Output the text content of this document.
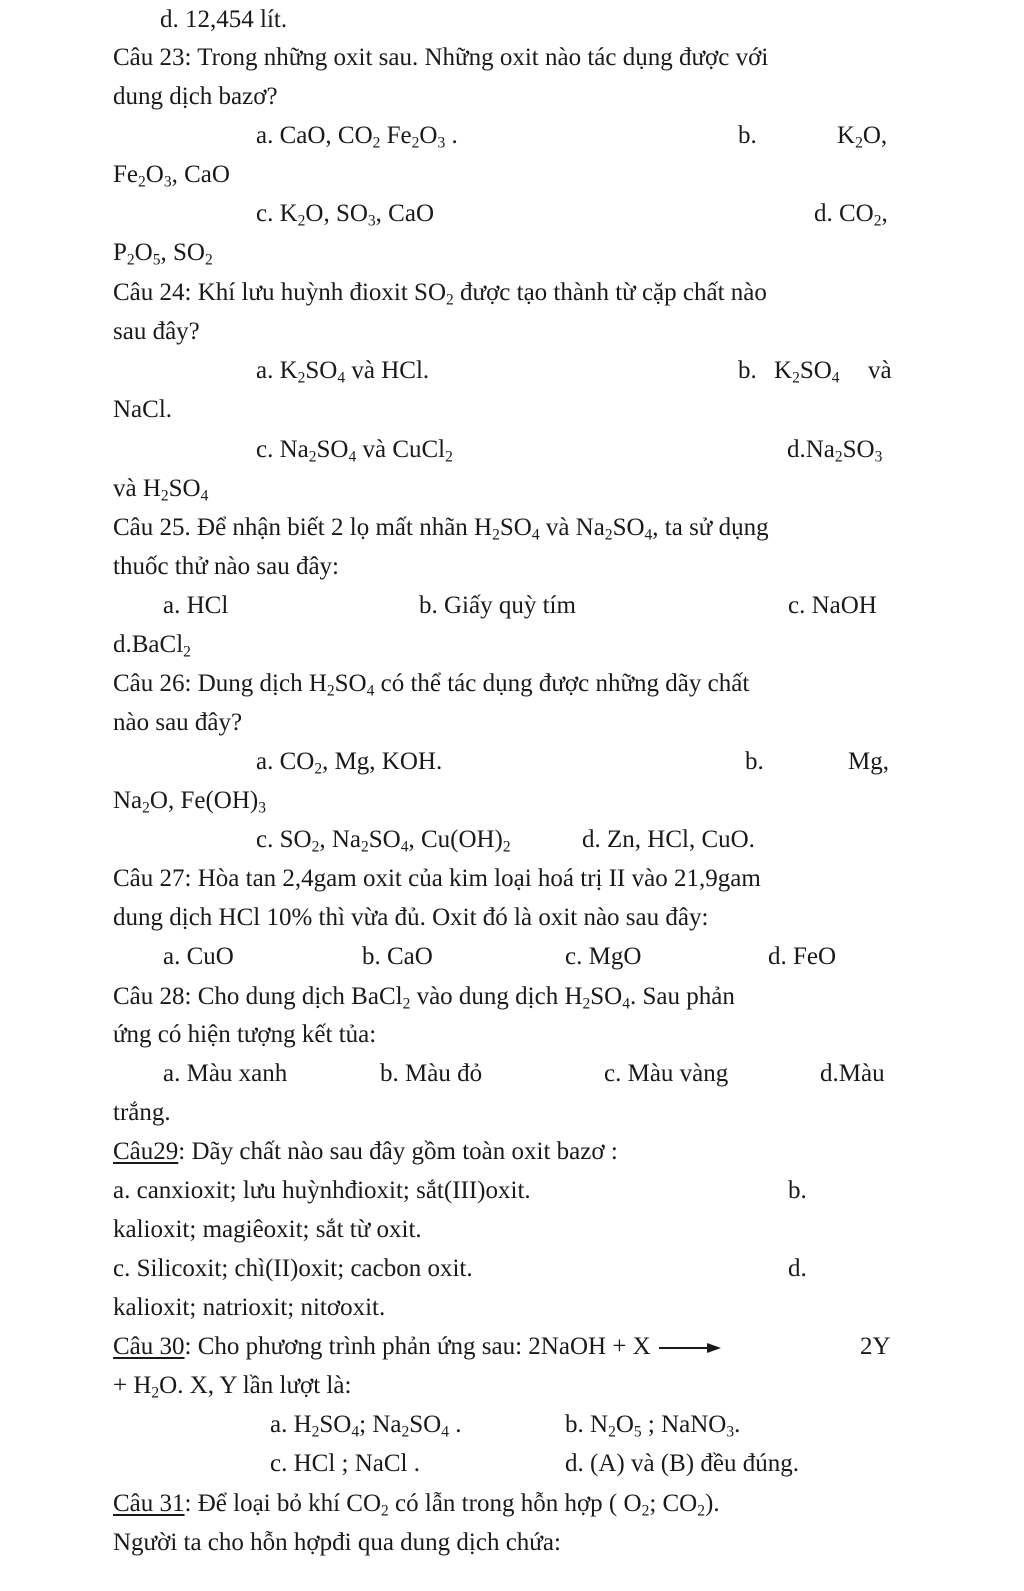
d. 12,454 lít.
Câu 23: Trong những oxit sau. Những oxit nào tác dụng được với
dung dịch bazơ?
a. CaO, $CO_2$ $Fe_2O_3$ .	b.	$K_2O$,
$Fe_2O_3$, CaO
c. $K_2O$, $SO_3$, CaO	d. $CO_2$,
$P_2O_5$, $SO_2$
Câu 24: Khí lưu huỳnh đioxit $SO_2$ được tạo thành từ cặp chất nào
sau đây?
a. $K_2SO_4$ và HCl.	b. $K_2SO_4$ và
NaCl.
c. $Na_2SO_4$ và CuCl$_2$	$d.Na_2SO_3$
và $H_2SO_4$
Câu 25. Để nhận biết 2 lọ mất nhãn $H_2SO_4$ và $Na_2SO_4$, ta sử dụng
thuốc thử nào sau đây:
a. HCl	b. Giấy quỳ tím	c. NaOH
d.BaCl$_2$
Câu 26: Dung dịch $H_2SO_4$ có thể tác dụng được những dãy chất
nào sau đây?
a. $CO_2$, Mg, KOH.	b.	Mg,
$Na_2O$, $Fe(OH)_3$
c. $SO_2$, $Na_2SO_4$, $Cu(OH)_2$	d. Zn, HCl, CuO.
Câu 27: Hòa tan 2,4gam oxit của kim loại hoá trị II vào 21,9gam
dung dịch HCl 10% thì vừa đủ. Oxit đó là oxit nào sau đây:
a. CuO	b. CaO	c. MgO	d. FeO
Câu 28: Cho dung dịch BaCl$_2$ vào dung dịch $H_2SO_4$. Sau phản
ứng có hiện tượng kết tủa:
a. Màu xanh	b. Màu đỏ	c. Màu vàng	d.Màu
trắng.
Câu29: Dãy chất nào sau đây gồm toàn oxit bazơ :
a. canxioxit; lưu huỳnhđioxit; sắt(III)oxit.	b.
kalioxit; magiêoxit; sắt từ oxit.
c. Silicoxit; chì(II)oxit; cacbon oxit.	d.
kalioxit; natrioxit; nitơoxit.
Câu 30: Cho phương trình phản ứng sau: 2NaOH + X →	2Y
+ $H_2O$. X, Y lần lượt là:
a. $H_2SO_4$; $Na_2SO_4$ .	b. $N_2O_5$ ; NaNO$_3$.
c. HCl ; NaCl .	d. (A) và (B) đều đúng.
Câu 31: Để loại bỏ khí $CO_2$ có lẫn trong hỗn hợp ( $O_2$; $CO_2$).
Người ta cho hỗn hợpđi qua dung dịch chứa:
